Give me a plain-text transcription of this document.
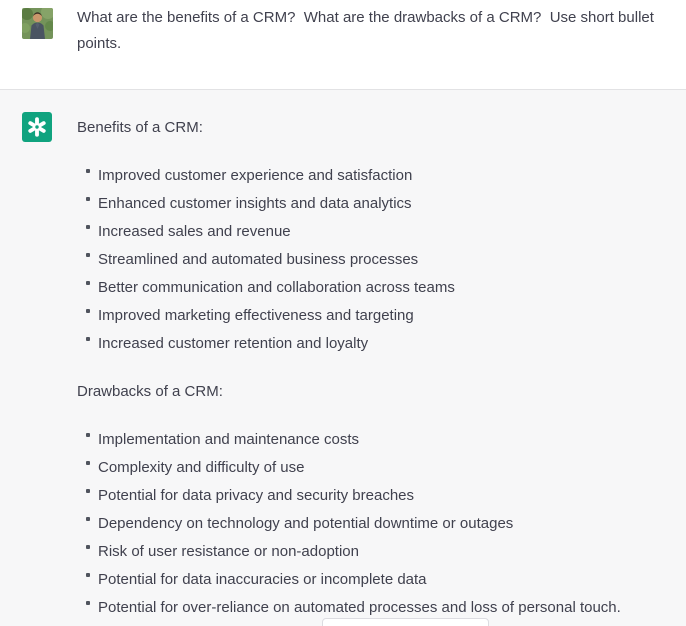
What are the benefits of a CRM?  What are the drawbacks of a CRM?  Use short bullet points.

Benefits of a CRM:

Improved customer experience and satisfaction
Enhanced customer insights and data analytics
Increased sales and revenue
Streamlined and automated business processes
Better communication and collaboration across teams
Improved marketing effectiveness and targeting
Increased customer retention and loyalty

Drawbacks of a CRM:

Implementation and maintenance costs
Complexity and difficulty of use
Potential for data privacy and security breaches
Dependency on technology and potential downtime or outages
Risk of user resistance or non-adoption
Potential for data inaccuracies or incomplete data
Potential for over-reliance on automated processes and loss of personal touch.
